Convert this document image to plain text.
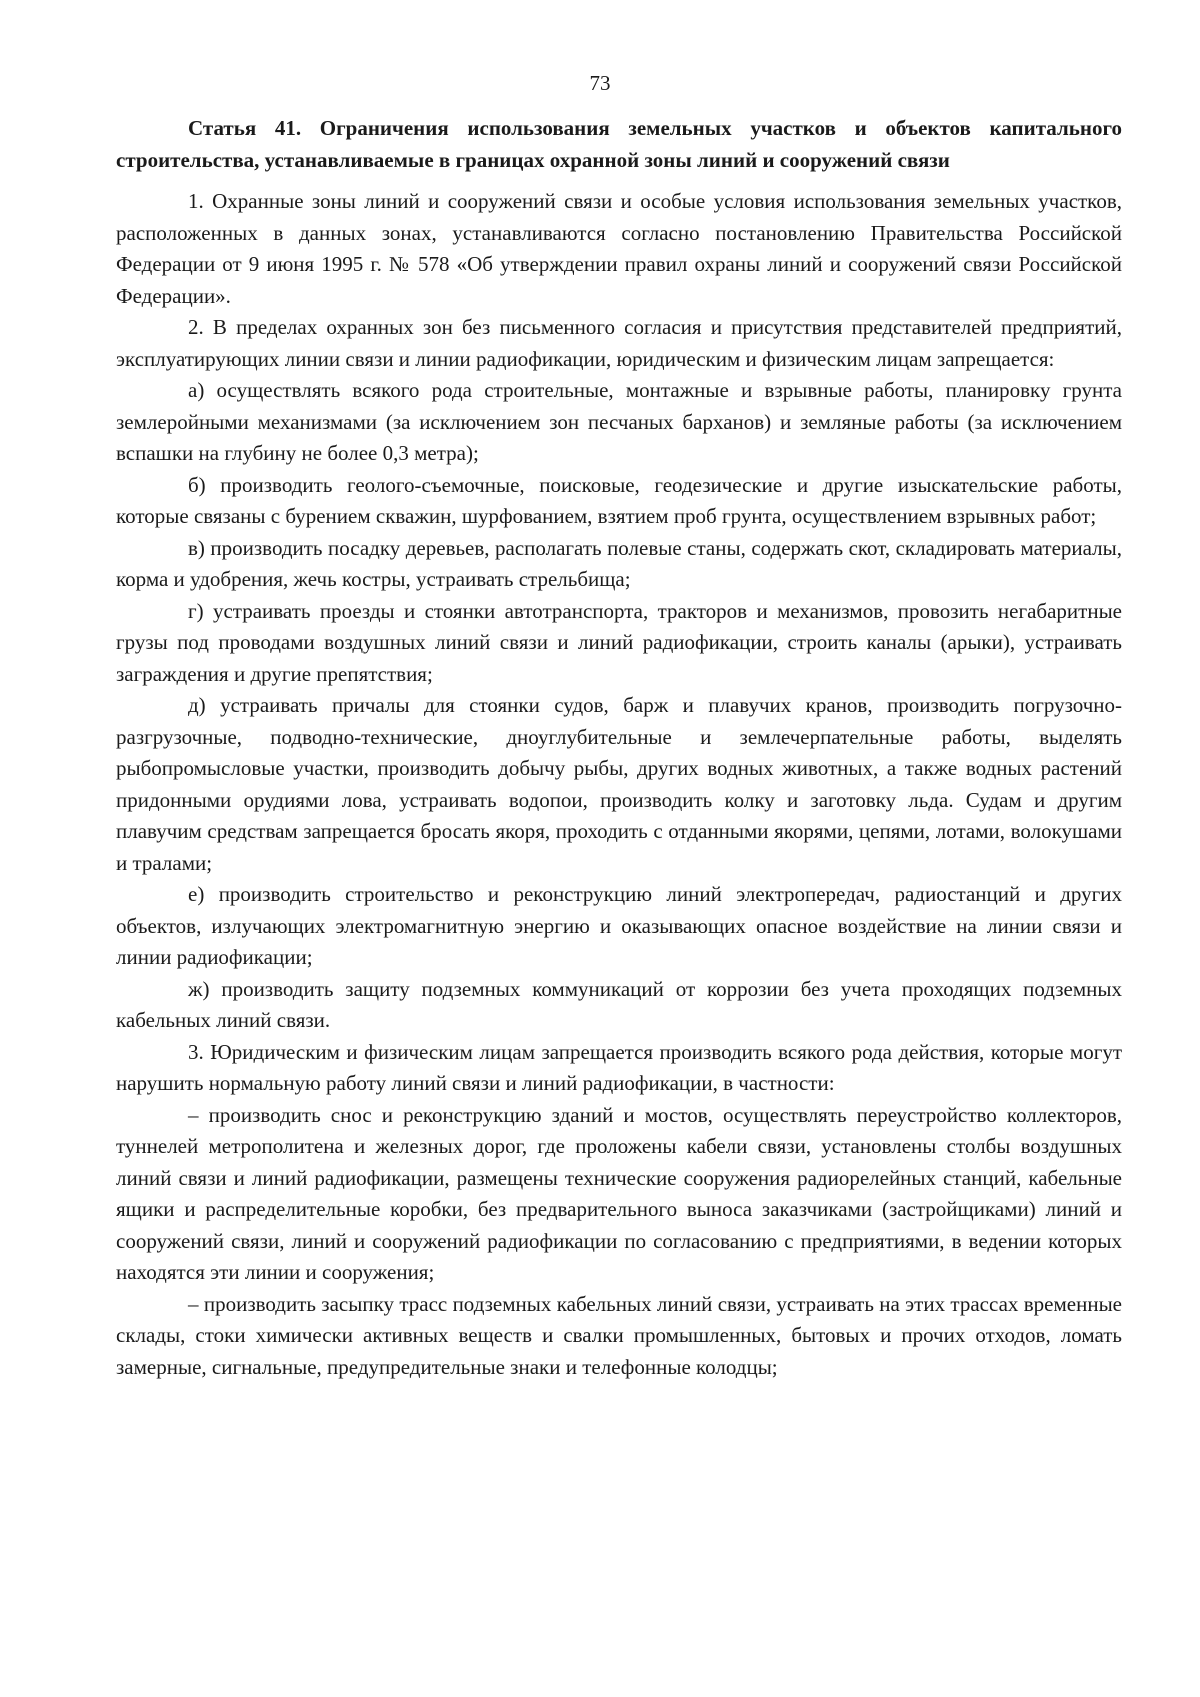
73
Статья 41. Ограничения использования земельных участков и объектов капитального строительства, устанавливаемые в границах охранной зоны линий и сооружений связи

1. Охранные зоны линий и сооружений связи и особые условия использования земельных участков, расположенных в данных зонах, устанавливаются согласно постановлению Правительства Российской Федерации от 9 июня 1995 г. № 578 «Об утверждении правил охраны линий и сооружений связи Российской Федерации».

2. В пределах охранных зон без письменного согласия и присутствия представителей предприятий, эксплуатирующих линии связи и линии радиофикации, юридическим и физическим лицам запрещается:

а) осуществлять всякого рода строительные, монтажные и взрывные работы, планировку грунта землеройными механизмами (за исключением зон песчаных барханов) и земляные работы (за исключением вспашки на глубину не более 0,3 метра);

б) производить геолого-съемочные, поисковые, геодезические и другие изыскательские работы, которые связаны с бурением скважин, шурфованием, взятием проб грунта, осуществлением взрывных работ;

в) производить посадку деревьев, располагать полевые станы, содержать скот, складировать материалы, корма и удобрения, жечь костры, устраивать стрельбища;

г) устраивать проезды и стоянки автотранспорта, тракторов и механизмов, провозить негабаритные грузы под проводами воздушных линий связи и линий радиофикации, строить каналы (арыки), устраивать заграждения и другие препятствия;

д) устраивать причалы для стоянки судов, барж и плавучих кранов, производить погрузочно-разгрузочные, подводно-технические, дноуглубительные и землечерпательные работы, выделять рыбопромысловые участки, производить добычу рыбы, других водных животных, а также водных растений придонными орудиями лова, устраивать водопои, производить колку и заготовку льда. Судам и другим плавучим средствам запрещается бросать якоря, проходить с отданными якорями, цепями, лотами, волокушами и тралами;

е) производить строительство и реконструкцию линий электропередач, радиостанций и других объектов, излучающих электромагнитную энергию и оказывающих опасное воздействие на линии связи и линии радиофикации;

ж) производить защиту подземных коммуникаций от коррозии без учета проходящих подземных кабельных линий связи.

3. Юридическим и физическим лицам запрещается производить всякого рода действия, которые могут нарушить нормальную работу линий связи и линий радиофикации, в частности:

– производить снос и реконструкцию зданий и мостов, осуществлять переустройство коллекторов, туннелей метрополитена и железных дорог, где проложены кабели связи, установлены столбы воздушных линий связи и линий радиофикации, размещены технические сооружения радиорелейных станций, кабельные ящики и распределительные коробки, без предварительного выноса заказчиками (застройщиками) линий и сооружений связи, линий и сооружений радиофикации по согласованию с предприятиями, в ведении которых находятся эти линии и сооружения;

– производить засыпку трасс подземных кабельных линий связи, устраивать на этих трассах временные склады, стоки химически активных веществ и свалки промышленных, бытовых и прочих отходов, ломать замерные, сигнальные, предупредительные знаки и телефонные колодцы;
